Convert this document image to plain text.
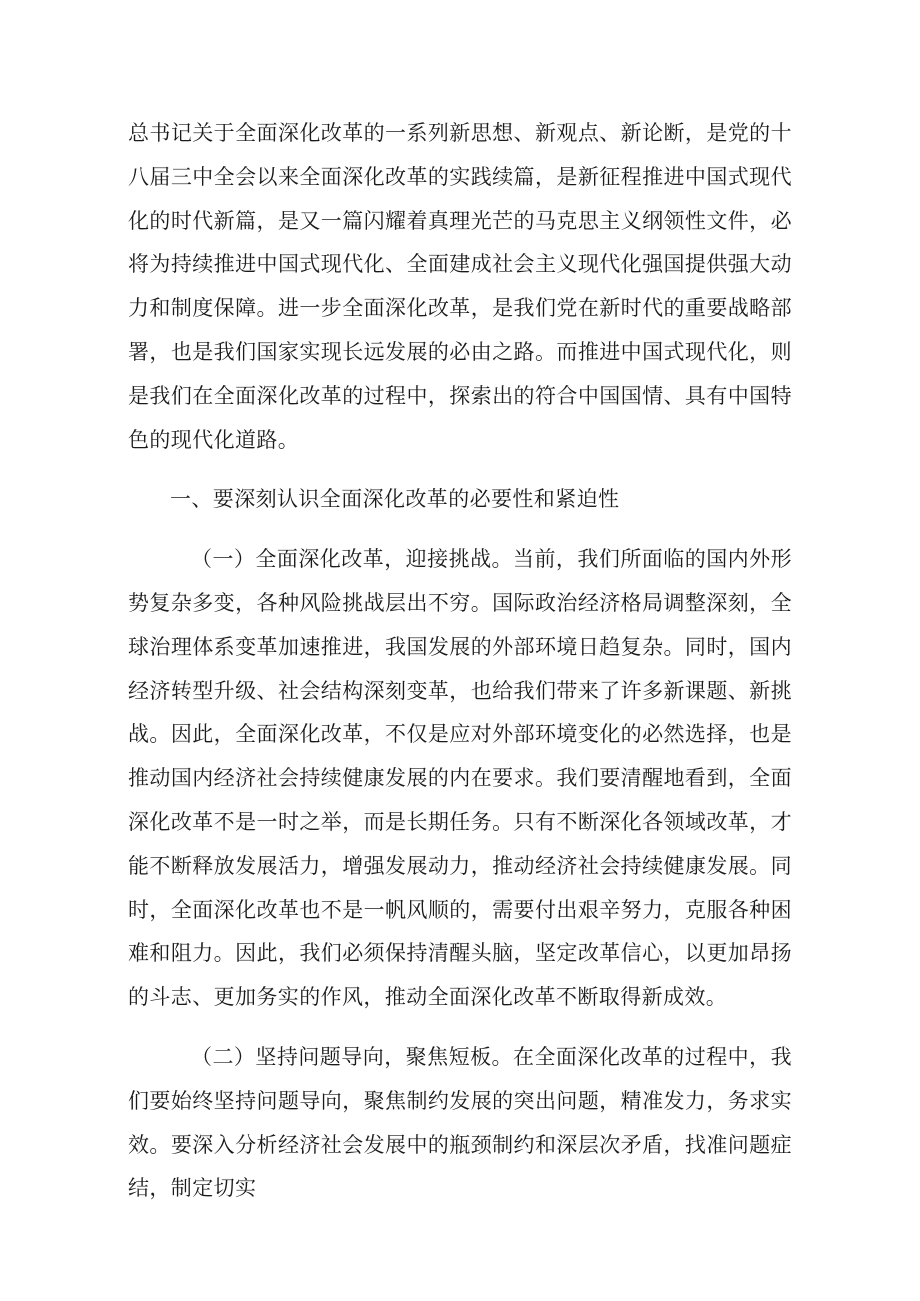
总书记关于全面深化改革的一系列新思想、新观点、新论断，是党的十八届三中全会以来全面深化改革的实践续篇，是新征程推进中国式现代化的时代新篇，是又一篇闪耀着真理光芒的马克思主义纲领性文件，必将为持续推进中国式现代化、全面建成社会主义现代化强国提供强大动力和制度保障。进一步全面深化改革，是我们党在新时代的重要战略部署，也是我们国家实现长远发展的必由之路。而推进中国式现代化，则是我们在全面深化改革的过程中，探索出的符合中国国情、具有中国特色的现代化道路。

一、要深刻认识全面深化改革的必要性和紧迫性

（一）全面深化改革，迎接挑战。当前，我们所面临的国内外形势复杂多变，各种风险挑战层出不穷。国际政治经济格局调整深刻，全球治理体系变革加速推进，我国发展的外部环境日趋复杂。同时，国内经济转型升级、社会结构深刻变革，也给我们带来了许多新课题、新挑战。因此，全面深化改革，不仅是应对外部环境变化的必然选择，也是推动国内经济社会持续健康发展的内在要求。我们要清醒地看到，全面深化改革不是一时之举，而是长期任务。只有不断深化各领域改革，才能不断释放发展活力，增强发展动力，推动经济社会持续健康发展。同时，全面深化改革也不是一帆风顺的，需要付出艰辛努力，克服各种困难和阻力。因此，我们必须保持清醒头脑，坚定改革信心，以更加昂扬的斗志、更加务实的作风，推动全面深化改革不断取得新成效。

（二）坚持问题导向，聚焦短板。在全面深化改革的过程中，我们要始终坚持问题导向，聚焦制约发展的突出问题，精准发力，务求实效。要深入分析经济社会发展中的瓶颈制约和深层次矛盾，找准问题症结，制定切实
